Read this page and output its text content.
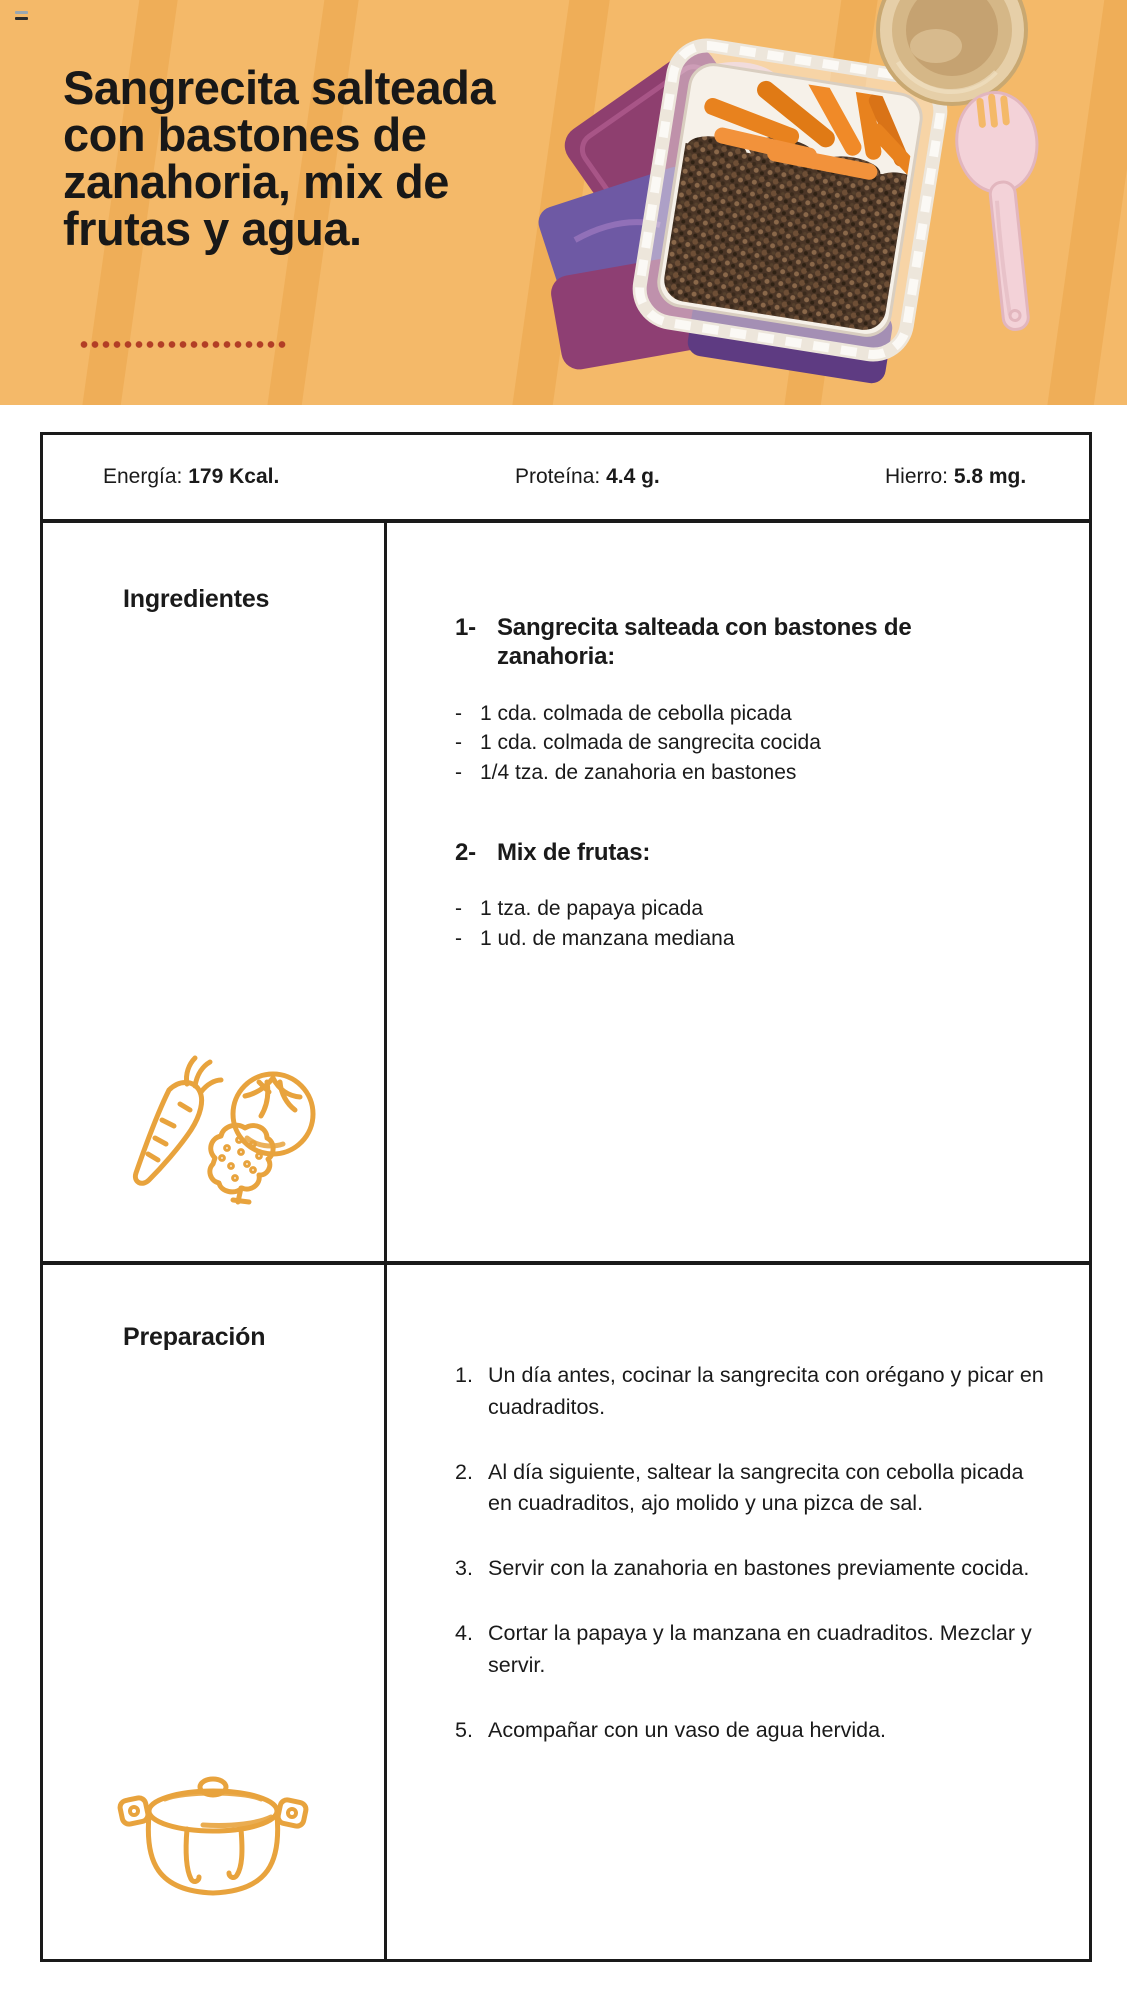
Sangrecita salteada
con bastones de
zanahoria, mix de
frutas y agua.
Energía: 179 Kcal.	Proteína: 4.4 g.	Hierro: 5.8 mg.
Ingredientes
1- Sangrecita salteada con bastones de zanahoria:
- 1 cda. colmada de cebolla picada
- 1 cda. colmada de sangrecita cocida
- 1/4 tza. de zanahoria en bastones
2- Mix de frutas:
- 1 tza. de papaya picada
- 1 ud. de manzana mediana
Preparación
1. Un día antes, cocinar la sangrecita con orégano y picar en cuadraditos.
2. Al día siguiente, saltear la sangrecita con cebolla picada en cuadraditos, ajo molido y una pizca de sal.
3. Servir con la zanahoria en bastones previamente cocida.
4. Cortar la papaya y la manzana en cuadraditos. Mezclar y servir.
5. Acompañar con un vaso de agua hervida.
